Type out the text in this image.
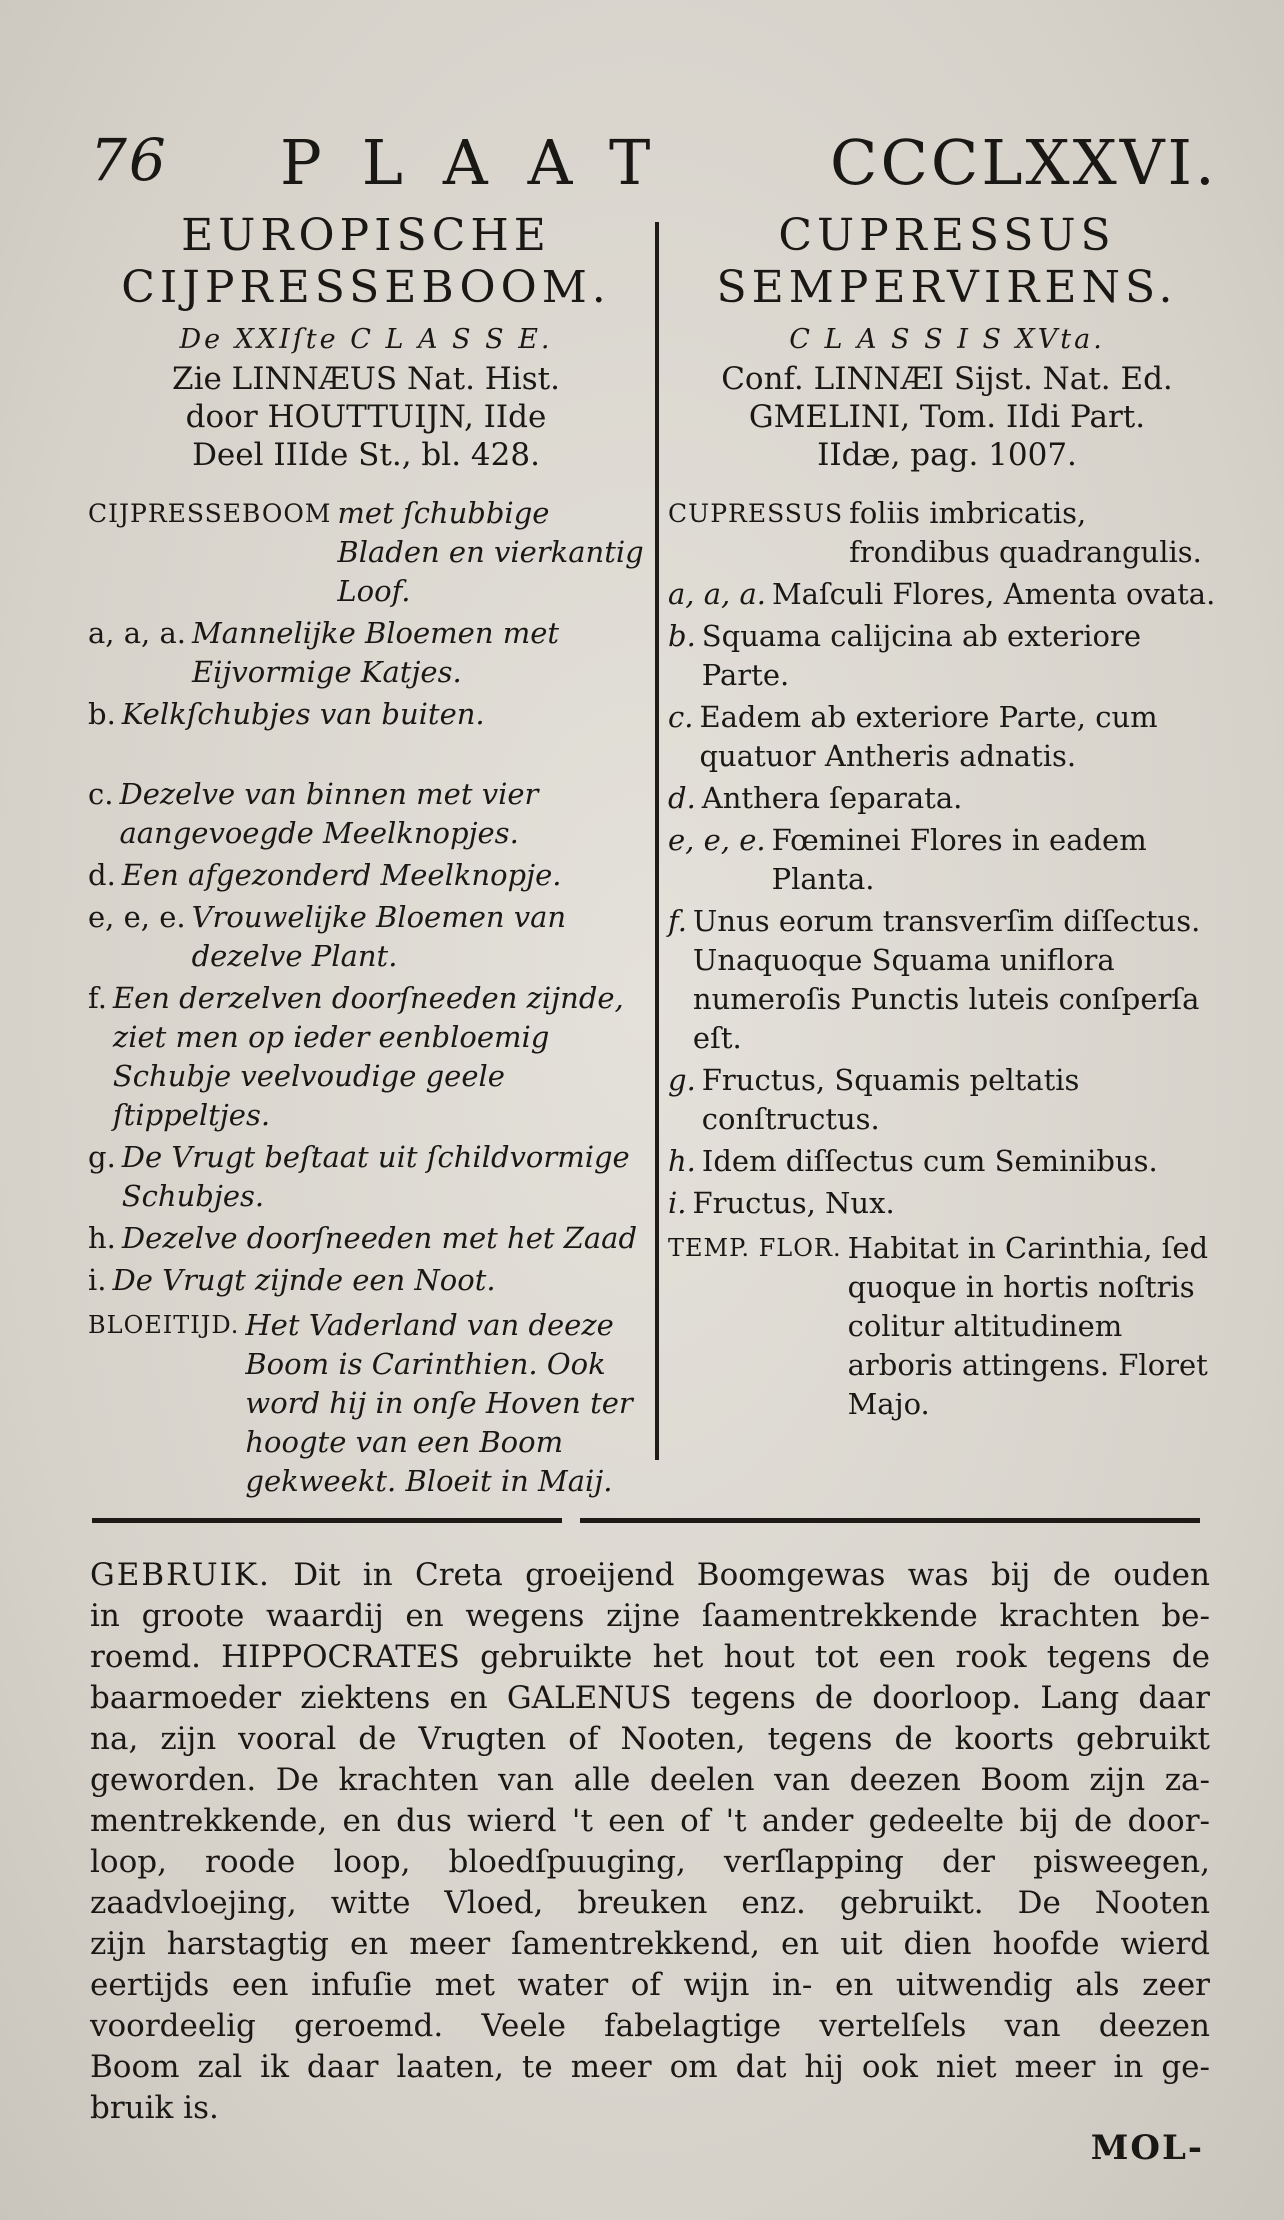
76 PLAAT CCCLXXVI.
EUROPISCHE
CIJPRESSEBOOM.
De XXIſte C L A S S E.
Zie LINNÆUS Nat. Hist.
door HOUTTUIJN, IIde
Deel IIIde St., bl. 428.
CIJPRESSEBOOM met ſchubbige Bladen en vierkantig Loof.
a, a, a. Mannelijke Bloemen met Eijvormige Katjes.
b. Kelkſchubjes van buiten.
c. Dezelve van binnen met vier aangevoegde Meelknopjes.
d. Een afgezonderd Meelknopje.
e, e, e. Vrouwelijke Bloemen van dezelve Plant.
f. Een derzelven doorſneeden zijnde, ziet men op ieder eenbloemig Schubje veelvoudige geele ſtippeltjes.
g. De Vrugt beſtaat uit ſchildvormige Schubjes.
h. Dezelve doorſneeden met het Zaad
i. De Vrugt zijnde een Noot.
BLOEITIJD. Het Vaderland van deeze Boom is Carinthien. Ook word hij in onſe Hoven ter hoogte van een Boom gekweekt. Bloeit in Maij.
CUPRESSUS
SEMPERVIRENS.
C L A S S I S XVta.
Conf. LINNÆI Sijst. Nat. Ed.
GMELINI, Tom. IIdi Part.
IIdæ, pag. 1007.
CUPRESSUS foliis imbricatis, frondibus quadrangulis.
a, a, a. Maſculi Flores, Amenta ovata.
b. Squama calijcina ab exteriore Parte.
c. Eadem ab exteriore Parte, cum quatuor Antheris adnatis.
d. Anthera ſeparata.
e, e, e. Fœminei Flores in eadem Planta.
f. Unus eorum transverſim diſſectus. Unaquoque Squama uniflora numeroſis Punctis luteis conſperſa eſt.
g. Fructus, Squamis peltatis conſtructus.
h. Idem diſſectus cum Seminibus.
i. Fructus, Nux.
TEMP. FLOR. Habitat in Carinthia, ſed quoque in hortis noſtris colitur altitudinem arboris attingens. Floret Majo.
GEBRUIK. Dit in Creta groeijend Boomgewas was bij de ouden
in groote waardij en wegens zijne ſaamentrekkende krachten be-
roemd. HIPPOCRATES gebruikte het hout tot een rook tegens de
baarmoeder ziektens en GALENUS tegens de doorloop. Lang daar
na, zijn vooral de Vrugten of Nooten, tegens de koorts gebruikt
geworden. De krachten van alle deelen van deezen Boom zijn za-
mentrekkende, en dus wierd 't een of 't ander gedeelte bij de door-
loop, roode loop, bloedſpuuging, verſlapping der pisweegen,
zaadvloejing, witte Vloed, breuken enz. gebruikt. De Nooten
zijn harstagtig en meer ſamentrekkend, en uit dien hoofde wierd
eertijds een infuſie met water of wijn in- en uitwendig als zeer
voordeelig geroemd. Veele fabelagtige vertelſels van deezen
Boom zal ik daar laaten, te meer om dat hij ook niet meer in ge-
bruik is.
MOL-
